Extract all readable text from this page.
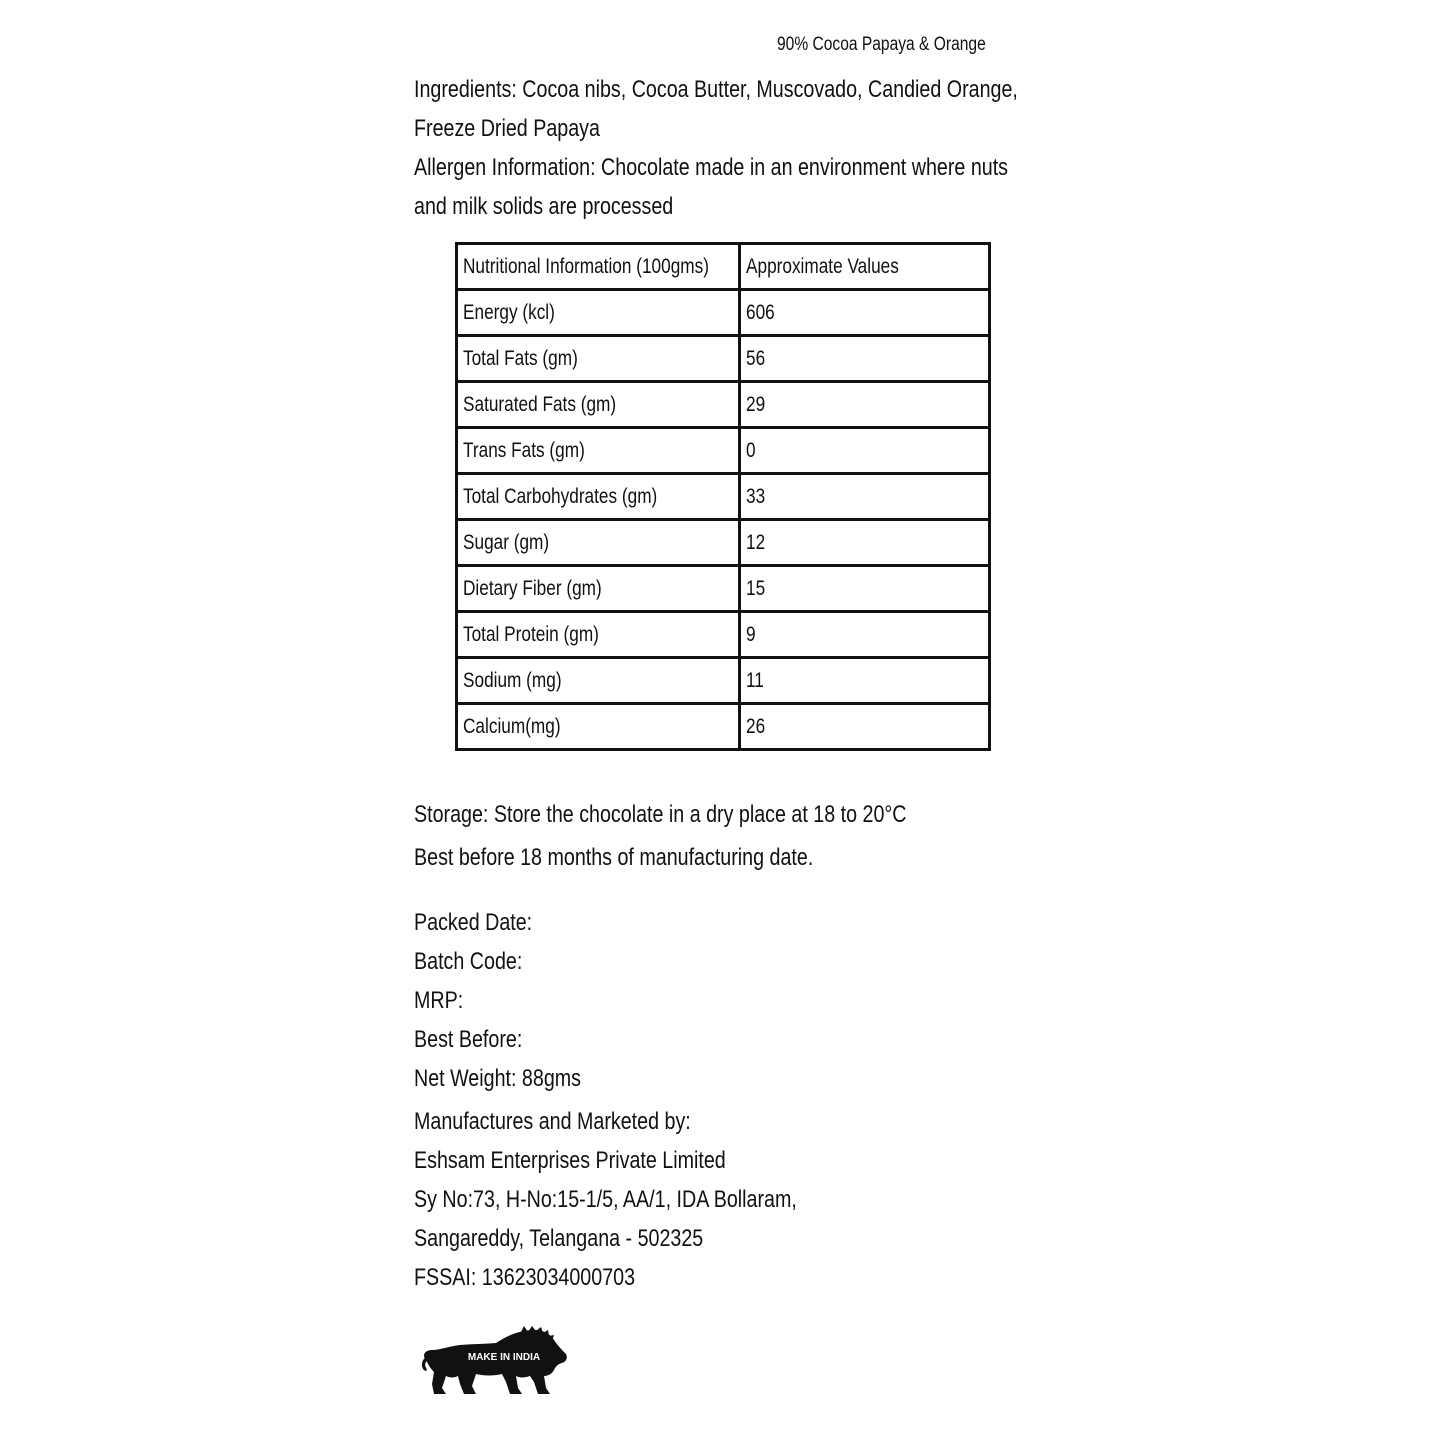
90% Cocoa Papaya & Orange
Ingredients: Cocoa nibs, Cocoa Butter, Muscovado, Candied Orange, Freeze Dried Papaya
Allergen Information: Chocolate made in an environment where nuts and milk solids are processed
Nutritional Information (100gms)	Approximate Values
Energy (kcl)	606
Total Fats (gm)	56
Saturated Fats (gm)	29
Trans Fats (gm)	0
Total Carbohydrates (gm)	33
Sugar (gm)	12
Dietary Fiber (gm)	15
Total Protein (gm)	9
Sodium (mg)	11
Calcium(mg)	26
Storage: Store the chocolate in a dry place at 18 to 20°C
Best before 18 months of manufacturing date.
Packed Date:
Batch Code:
MRP:
Best Before:
Net Weight: 88gms
Manufactures and Marketed by:
Eshsam Enterprises Private Limited
Sy No:73, H-No:15-1/5, AA/1, IDA Bollaram,
Sangareddy, Telangana - 502325
FSSAI: 13623034000703
MAKE IN INDIA
